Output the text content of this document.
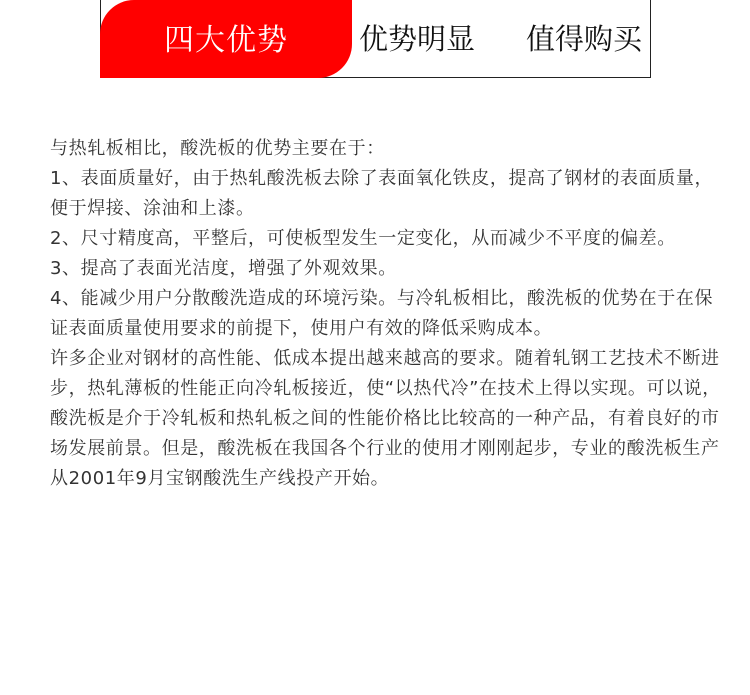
四大优势 优势明显 值得购买

与热轧板相比，酸洗板的优势主要在于：

1、表面质量好，由于热轧酸洗板去除了表面氧化铁皮，提高了钢材的表面质量，便于焊接、涂油和上漆。

2、尺寸精度高，平整后，可使板型发生一定变化，从而减少不平度的偏差。

3、提高了表面光洁度，增强了外观效果。

4、能减少用户分散酸洗造成的环境污染。与冷轧板相比，酸洗板的优势在于在保证表面质量使用要求的前提下，使用户有效的降低采购成本。

许多企业对钢材的高性能、低成本提出越来越高的要求。随着轧钢工艺技术不断进步，热轧薄板的性能正向冷轧板接近，使“以热代冷”在技术上得以实现。可以说，酸洗板是介于冷轧板和热轧板之间的性能价格比比较高的一种产品，有着良好的市场发展前景。但是，酸洗板在我国各个行业的使用才刚刚起步，专业的酸洗板生产从2001年9月宝钢酸洗生产线投产开始。
